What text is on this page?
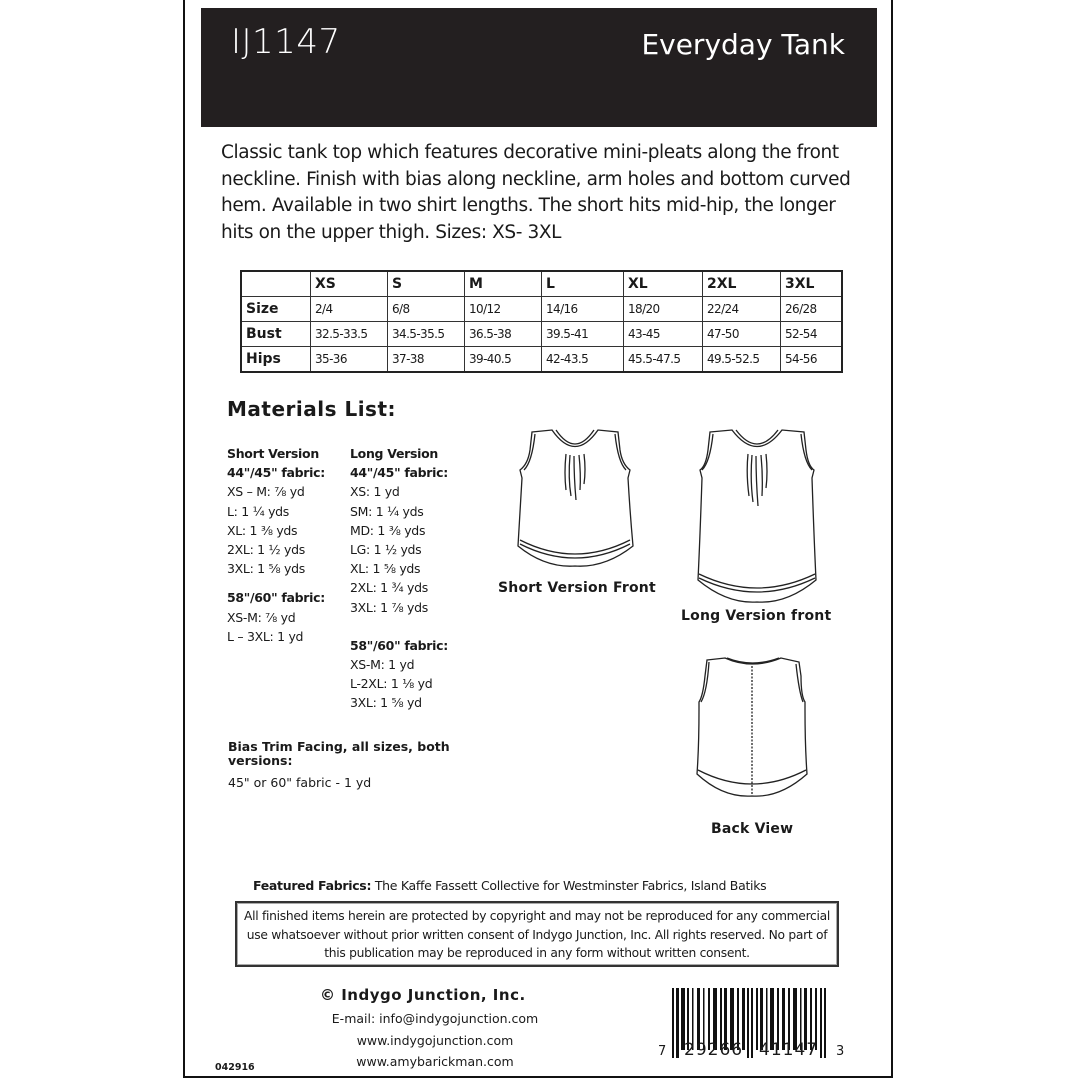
IJ1147	Everyday Tank
Classic tank top which features decorative mini-pleats along the front neckline. Finish with bias along neckline, arm holes and bottom curved hem. Available in two shirt lengths. The short hits mid-hip, the longer hits on the upper thigh. Sizes: XS- 3XL
	XS	S	M	L	XL	2XL	3XL
Size	2/4	6/8	10/12	14/16	18/20	22/24	26/28
Bust	32.5-33.5	34.5-35.5	36.5-38	39.5-41	43-45	47-50	52-54
Hips	35-36	37-38	39-40.5	42-43.5	45.5-47.5	49.5-52.5	54-56
Materials List:
Short Version
44"/45" fabric:
XS – M: ⅞ yd
L: 1 ¼ yds
XL: 1 ⅜ yds
2XL: 1 ½ yds
3XL: 1 ⅝ yds
58"/60" fabric:
XS-M: ⅞ yd
L – 3XL: 1 yd
Long Version
44"/45" fabric:
XS: 1 yd
SM: 1 ¼ yds
MD: 1 ⅜ yds
LG: 1 ½ yds
XL: 1 ⅝ yds
2XL: 1 ¾ yds
3XL: 1 ⅞ yds
58"/60" fabric:
XS-M: 1 yd
L-2XL: 1 ⅛ yd
3XL: 1 ⅝ yd
Bias Trim Facing, all sizes, both versions:
45" or 60" fabric - 1 yd
Short Version Front
Long Version front
Back View
Featured Fabrics: The Kaffe Fassett Collective for Westminster Fabrics, Island Batiks
All finished items herein are protected by copyright and may not be reproduced for any commercial use whatsoever without prior written consent of Indygo Junction, Inc. All rights reserved. No part of this publication may be reproduced in any form without written consent.
© Indygo Junction, Inc.
E-mail: info@indygojunction.com
www.indygojunction.com
www.amybarickman.com
042916
7 29266 41147 3
